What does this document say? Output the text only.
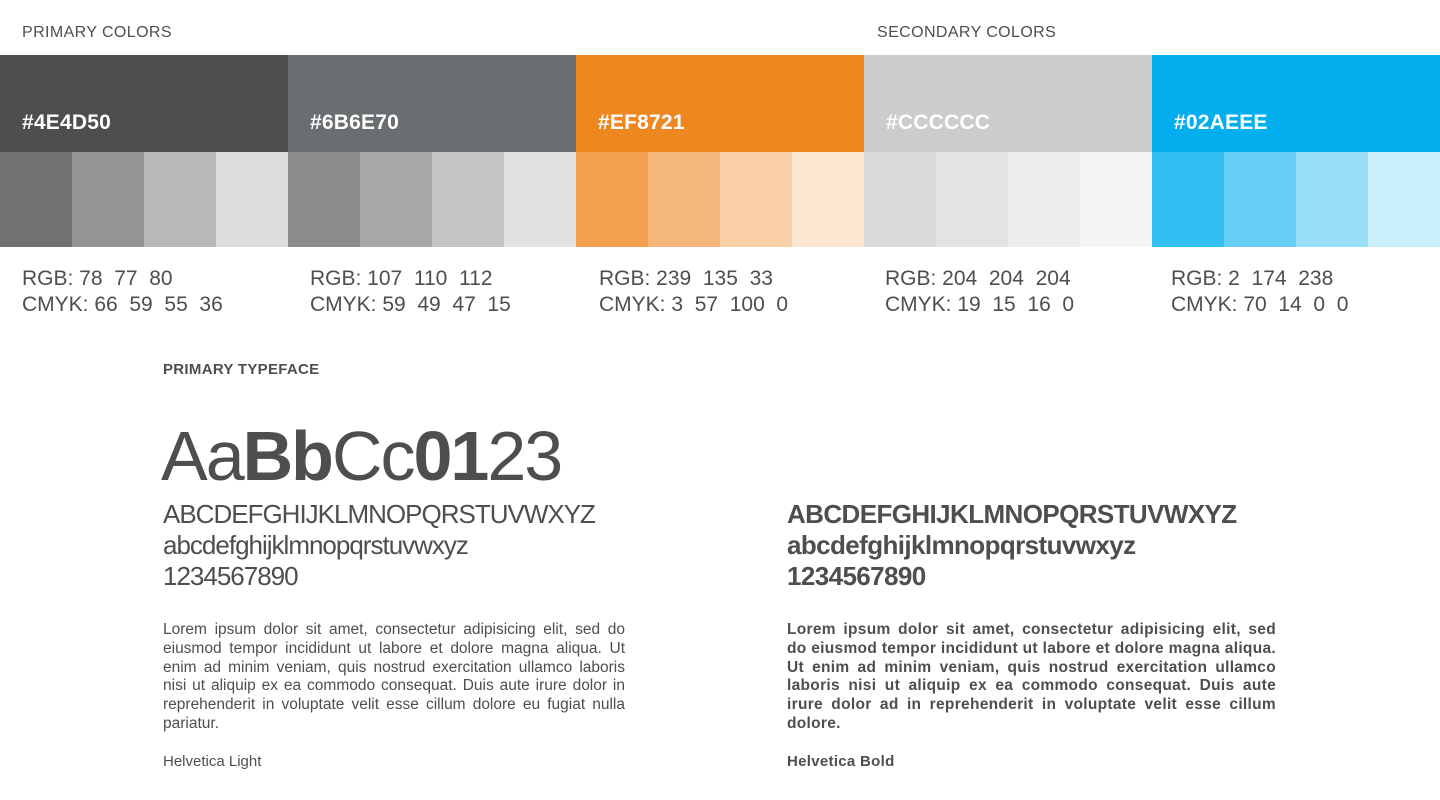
PRIMARY COLORS	SECONDARY COLORS
#4E4D50	#6B6E70	#EF8721	#CCCCCC	#02AEEE
RGB: 78  77  80
CMYK: 66  59  55  36
RGB: 107  110  112
CMYK: 59  49  47  15
RGB: 239  135  33
CMYK: 3  57  100  0
RGB: 204  204  204
CMYK: 19  15  16  0
RGB: 2  174  238
CMYK: 70  14  0  0
PRIMARY TYPEFACE
AaBbCc0123
ABCDEFGHIJKLMNOPQRSTUVWXYZ
abcdefghijklmnopqrstuvwxyz
1234567890
ABCDEFGHIJKLMNOPQRSTUVWXYZ
abcdefghijklmnopqrstuvwxyz
1234567890
Lorem ipsum dolor sit amet, consectetur adipisicing elit, sed do eiusmod tempor incididunt ut labore et dolore magna aliqua. Ut enim ad minim veniam, quis nostrud exercitation ullamco laboris nisi ut aliquip ex ea commodo consequat. Duis aute irure dolor in reprehenderit in voluptate velit esse cillum dolore eu fugiat nulla pariatur.
Lorem ipsum dolor sit amet, consectetur adipisicing elit, sed do eiusmod tempor incididunt ut labore et dolore magna aliqua. Ut enim ad minim veniam, quis nostrud exercitation ullamco laboris nisi ut aliquip ex ea commodo consequat. Duis aute irure dolor ad in reprehenderit in voluptate velit esse cillum dolore.
Helvetica Light	Helvetica Bold
